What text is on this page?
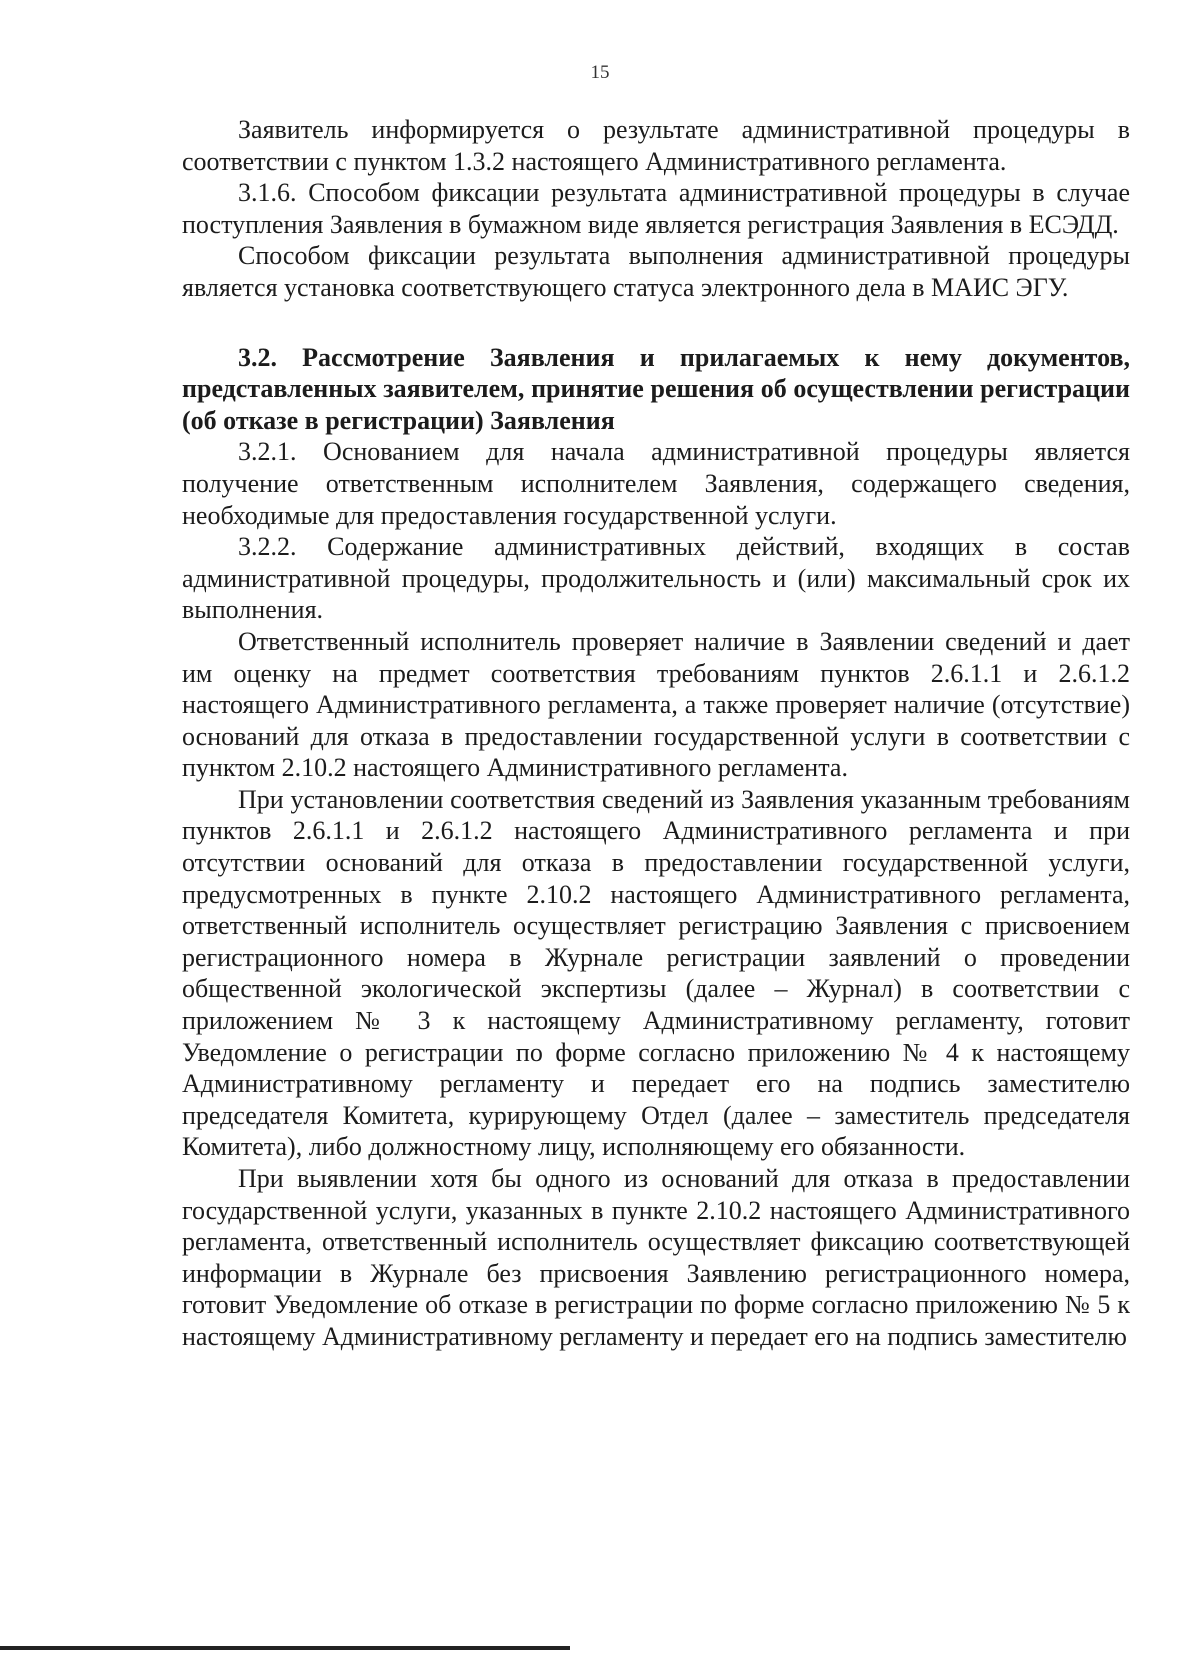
15

Заявитель информируется о результате административной процедуры в соответствии с пунктом 1.3.2 настоящего Административного регламента.

3.1.6. Способом фиксации результата административной процедуры в случае поступления Заявления в бумажном виде является регистрация Заявления в ЕСЭДД.

Способом фиксации результата выполнения административной процедуры является установка соответствующего статуса электронного дела в МАИС ЭГУ.

3.2. Рассмотрение Заявления и прилагаемых к нему документов, представленных заявителем, принятие решения об осуществлении регистрации (об отказе в регистрации) Заявления

3.2.1. Основанием для начала административной процедуры является получение ответственным исполнителем Заявления, содержащего сведения, необходимые для предоставления государственной услуги.

3.2.2. Содержание административных действий, входящих в состав административной процедуры, продолжительность и (или) максимальный срок их выполнения.

Ответственный исполнитель проверяет наличие в Заявлении сведений и дает им оценку на предмет соответствия требованиям пунктов 2.6.1.1 и 2.6.1.2 настоящего Административного регламента, а также проверяет наличие (отсутствие) оснований для отказа в предоставлении государственной услуги в соответствии с пунктом 2.10.2 настоящего Административного регламента.

При установлении соответствия сведений из Заявления указанным требованиям пунктов 2.6.1.1 и 2.6.1.2 настоящего Административного регламента и при отсутствии оснований для отказа в предоставлении государственной услуги, предусмотренных в пункте 2.10.2 настоящего Административного регламента, ответственный исполнитель осуществляет регистрацию Заявления с присвоением регистрационного номера в Журнале регистрации заявлений о проведении общественной экологической экспертизы (далее – Журнал) в соответствии с приложением № 3 к настоящему Административному регламенту, готовит Уведомление о регистрации по форме согласно приложению № 4 к настоящему Административному регламенту и передает его на подпись заместителю председателя Комитета, курирующему Отдел (далее – заместитель председателя Комитета), либо должностному лицу, исполняющему его обязанности.

При выявлении хотя бы одного из оснований для отказа в предоставлении государственной услуги, указанных в пункте 2.10.2 настоящего Административного регламента, ответственный исполнитель осуществляет фиксацию соответствующей информации в Журнале без присвоения Заявлению регистрационного номера, готовит Уведомление об отказе в регистрации по форме согласно приложению № 5 к настоящему Административному регламенту и передает его на подпись заместителю
